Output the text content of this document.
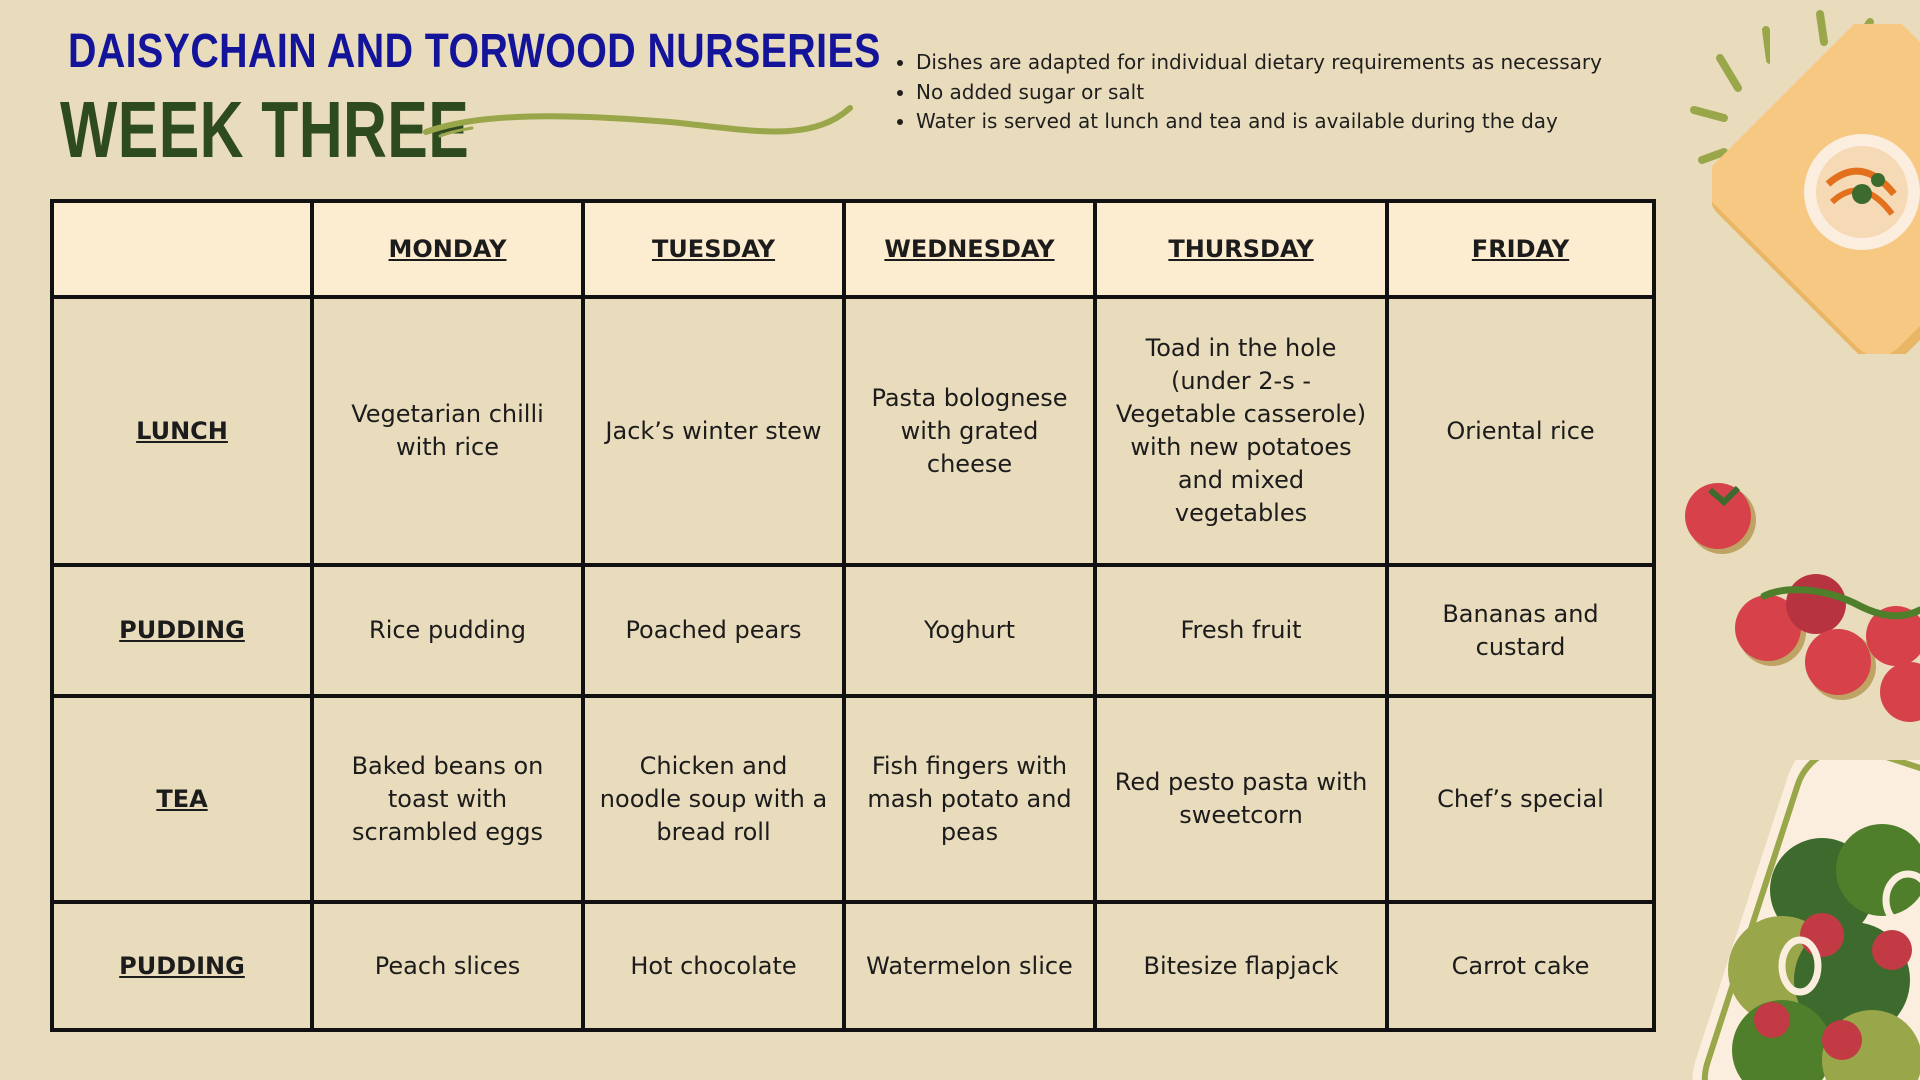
DAISYCHAIN AND TORWOOD NURSERIES
WEEK THREE
• Dishes are adapted for individual dietary requirements as necessary
• No added sugar or salt
• Water is served at lunch and tea and is available during the day
	MONDAY	TUESDAY	WEDNESDAY	THURSDAY	FRIDAY
LUNCH	Vegetarian chilli with rice	Jack’s winter stew	Pasta bolognese with grated cheese	Toad in the hole (under 2-s - Vegetable casserole) with new potatoes and mixed vegetables	Oriental rice
PUDDING	Rice pudding	Poached pears	Yoghurt	Fresh fruit	Bananas and custard
TEA	Baked beans on toast with scrambled eggs	Chicken and noodle soup with a bread roll	Fish fingers with mash potato and peas	Red pesto pasta with sweetcorn	Chef’s special
PUDDING	Peach slices	Hot chocolate	Watermelon slice	Bitesize flapjack	Carrot cake
